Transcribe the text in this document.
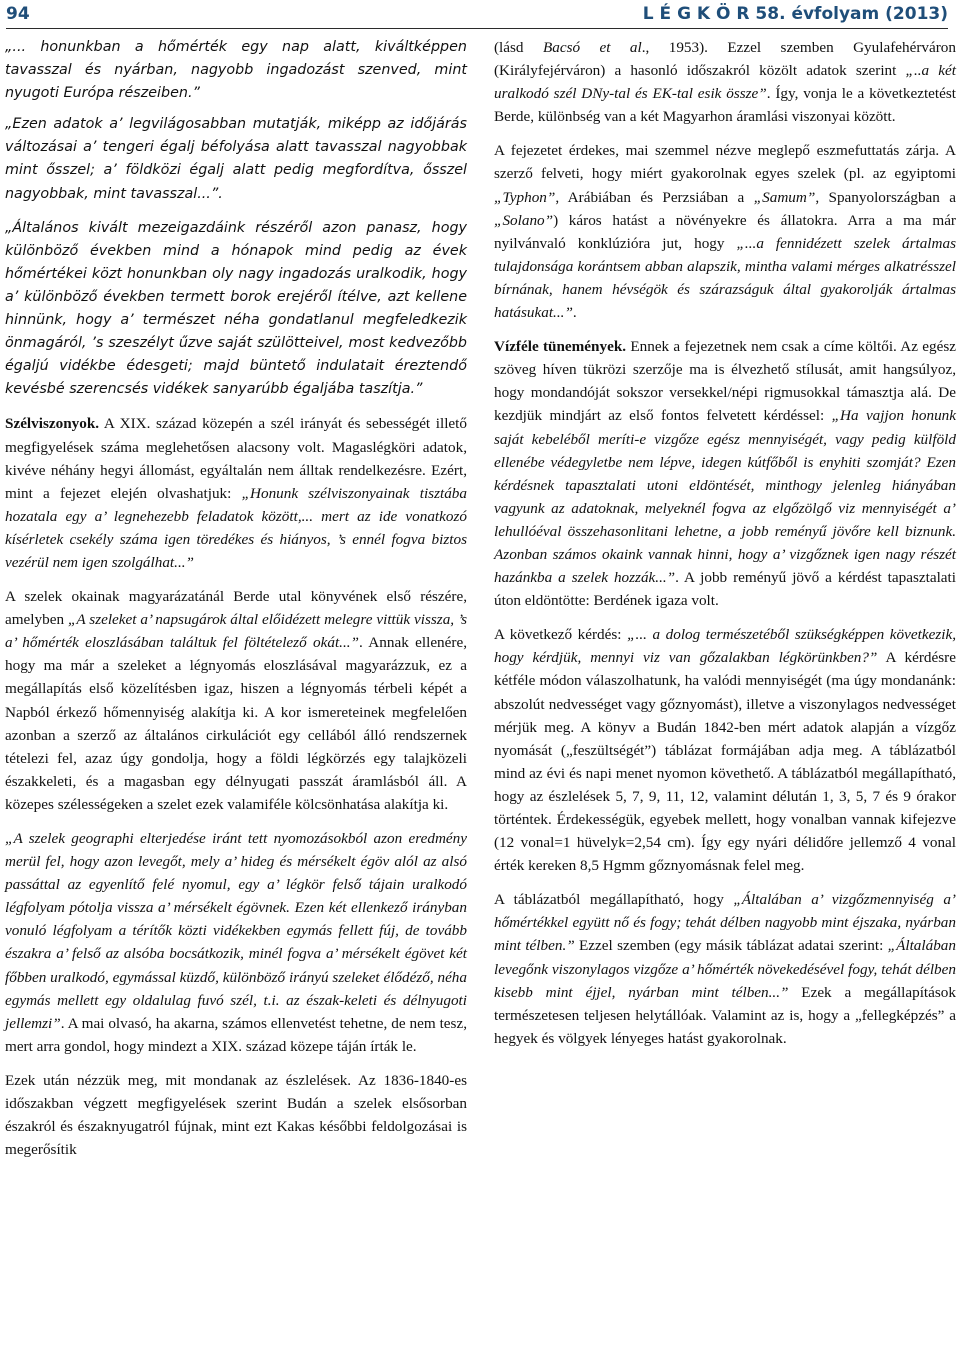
94	L É G K Ö R 58. évfolyam (2013)

„... honunkban a hőmérték egy nap alatt, kiváltképpen tavasszal és nyárban, nagyobb ingadozást szenved, mint nyugoti Európa részeiben.”

„Ezen adatok a’ legvilágosabban mutatják, miképp az időjárás változásai a’ tengeri égalj béfolyása alatt tavasszal nagyobbak mint ősszel; a’ földközi égalj alatt pedig megfordítva, ősszel nagyobbak, mint tavasszal...”.

„Általános kivált mezeigazdáink részéről azon panasz, hogy különböző években mind a hónapok mind pedig az évek hőmértékei közt honunkban oly nagy ingadozás uralkodik, hogy a’ különböző években termett borok erejéről ítélve, azt kellene hinnünk, hogy a’ természet néha gondatlanul megfeledkezik önmagáról, ’s szeszélyt űzve saját szülötteivel, most kedvezőbb égaljú vidékbe édesgeti; majd büntető indulatait éreztendő kevésbé szerencsés vidékek sanyarúbb égaljába taszítja.”

Szélviszonyok. A XIX. század közepén a szél irányát és sebességét illető megfigyelések száma meglehetősen alacsony volt. Magaslégköri adatok, kivéve néhány hegyi állomást, egyáltalán nem álltak rendelkezésre. Ezért, mint a fejezet elején olvashatjuk: „Honunk szélviszonyainak tisztába hozatala egy a’ legnehezebb feladatok között,... mert az ide vonatkozó kísérletek csekély száma igen töredékes és hiányos, ’s ennél fogva biztos vezérül nem igen szolgálhat...”

A szelek okainak magyarázatánál Berde utal könyvének első részére, amelyben „A szeleket a’ napsugárok által előidézett melegre vittük vissza, ’s a’ hőmérték eloszlásában találtuk fel föltételező okát...”. Annak ellenére, hogy ma már a szeleket a légnyomás eloszlásával magyarázzuk, ez a megállapítás első közelítésben igaz, hiszen a légnyomás térbeli képét a Napból érkező hőmennyiség alakítja ki. A kor ismereteinek megfelelően azonban a szerző az általános cirkulációt egy cellából álló rendszernek tételezi fel, azaz úgy gondolja, hogy a földi légkörzés egy talajközeli északkeleti, és a magasban egy délnyugati passzát áramlásból áll. A közepes szélességeken a szelet ezek valamiféle kölcsönhatása alakítja ki.

„A szelek geographi elterjedése iránt tett nyomozásokból azon eredmény merül fel, hogy azon levegőt, mely a’ hideg és mérsékelt égöv alól az alsó passáttal az egyenlítő felé nyomul, egy a’ légkör felső tájain uralkodó légfolyam pótolja vissza a’ mérsékelt égövnek. Ezen két ellenkező irányban vonuló légfolyam a térítők közti vidékekben egymás fellett fúj, de tovább északra a’ felső az alsóba bocsátkozik, minél fogva a’ mérsékelt égövet két főbben uralkodó, egymással küzdő, különböző irányú szeleket élődéző, néha egymás mellett egy oldalulag fuvó szél, t.i. az észak-keleti és délnyugoti jellemzi”. A mai olvasó, ha akarna, számos ellenvetést tehetne, de nem tesz, mert arra gondol, hogy mindezt a XIX. század közepe táján írták le.

Ezek után nézzük meg, mit mondanak az észlelések. Az 1836-1840-es időszakban végzett megfigyelések szerint Budán a szelek elsősorban északról és északnyugatról fújnak, mint ezt Kakas későbbi feldolgozásai is megerősítik

(lásd Bacsó et al., 1953). Ezzel szemben Gyulafehérváron (Királyfejérváron) a hasonló időszakról közölt adatok szerint „..a két uralkodó szél DNy-tal és EK-tal esik össze”. Így, vonja le a következtetést Berde, különbség van a két Magyarhon áramlási viszonyai között.

A fejezetet érdekes, mai szemmel nézve meglepő eszmefuttatás zárja. A szerző felveti, hogy miért gyakorolnak egyes szelek (pl. az egyiptomi „Typhon”, Arábiában és Perzsiában a „Samum”, Spanyolországban a „Solano”) káros hatást a növényekre és állatokra. Arra a ma már nyilvánvaló konklúzióra jut, hogy „...a fennidézett szelek ártalmas tulajdonsága korántsem abban alapszik, mintha valami mérges alkatrésszel bírnának, hanem hévségök és szárazságuk által gyakorolják ártalmas hatásukat...”.

Vízféle tünemények. Ennek a fejezetnek nem csak a címe költői. Az egész szöveg híven tükrözi szerzője ma is élvezhető stílusát, amit hangsúlyoz, hogy mondandóját sokszor versekkel/népi rigmusokkal támasztja alá. De kezdjük mindjárt az első fontos felvetett kérdéssel: „Ha vajjon honunk saját kebeléből meríti-e vizgőze egész mennyiségét, vagy pedig külföld ellenébe védegyletbe nem lépve, idegen kútfőből is enyhiti szomját? Ezen kérdésnek tapasztalati utoni eldöntését, minthogy jelenleg hiányában vagyunk az adatoknak, melyeknél fogva az elgőzölgő viz mennyiségét a’ lehullóéval összehasonlitani lehetne, a jobb reményű jövőre kell biznunk. Azonban számos okaink vannak hinni, hogy a’ vizgőznek igen nagy részét hazánkba a szelek hozzák...”. A jobb reményű jövő a kérdést tapasztalati úton eldöntötte: Berdének igaza volt.

A következő kérdés: „... a dolog természetéből szükségképpen következik, hogy kérdjük, mennyi viz van gőzalakban légkörünkben?” A kérdésre kétféle módon válaszolhatunk, ha valódi mennyiségét (ma úgy mondanánk: abszolút nedvességet vagy gőznyomást), illetve a viszonylagos nedvességet mérjük meg. A könyv a Budán 1842-ben mért adatok alapján a vízgőz nyomását („feszültségét”) táblázat formájában adja meg. A táblázatból mind az évi és napi menet nyomon követhető. A táblázatból megállapítható, hogy az észlelések 5, 7, 9, 11, 12, valamint délután 1, 3, 5, 7 és 9 órakor történtek. Érdekességük, egyebek mellett, hogy vonalban vannak kifejezve (12 vonal=1 hüvelyk=2,54 cm). Így egy nyári délidőre jellemző 4 vonal érték kereken 8,5 Hgmm gőznyomásnak felel meg.

A táblázatból megállapítható, hogy „Általában a’ vizgőzmennyiség a’ hőmértékkel együtt nő és fogy; tehát délben nagyobb mint éjszaka, nyárban mint télben.” Ezzel szemben (egy másik táblázat adatai szerint: „Általában levegőnk viszonylagos vizgőze a’ hőmérték növekedésével fogy, tehát délben kisebb mint éjjel, nyárban mint télben...” Ezek a megállapítások természetesen teljesen helytállóak. Valamint az is, hogy a „fellegképzés” a hegyek és völgyek lényeges hatást gyakorolnak.
